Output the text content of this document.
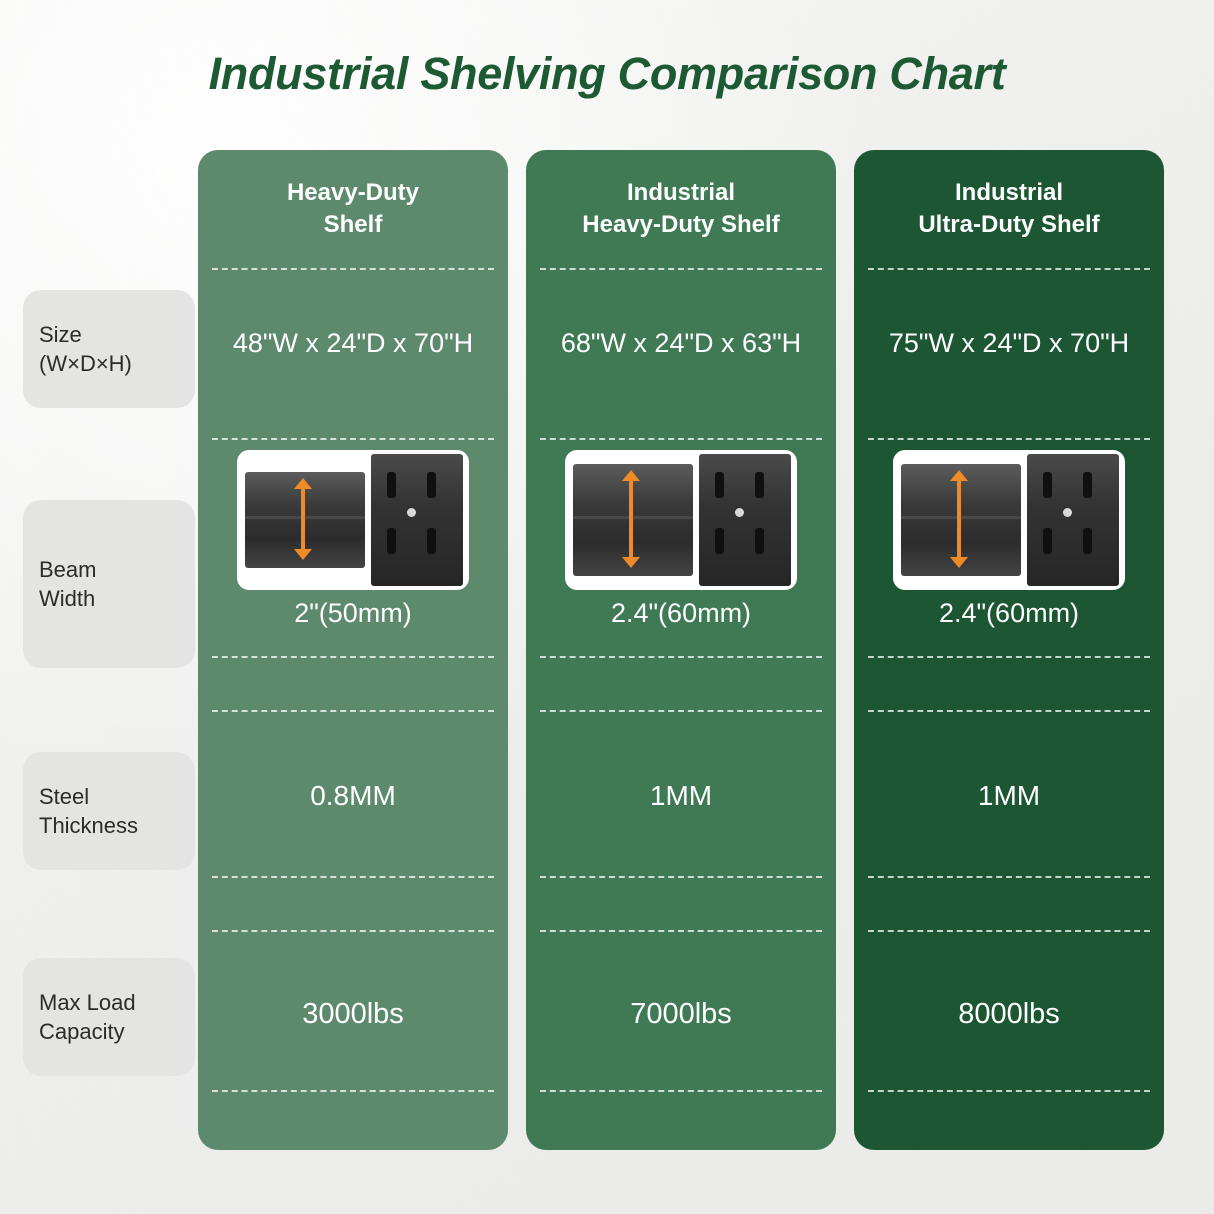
Industrial Shelving Comparison Chart
Size
(W×D×H)
Beam
Width
Steel
Thickness
Max Load
Capacity
Heavy-Duty
Shelf
48"W x 24"D x 70"H
2"(50mm)
0.8MM
3000lbs
Industrial
Heavy-Duty Shelf
68"W x 24"D x 63"H
2.4"(60mm)
1MM
7000lbs
Industrial
Ultra-Duty Shelf
75"W x 24"D x 70"H
2.4"(60mm)
1MM
8000lbs
